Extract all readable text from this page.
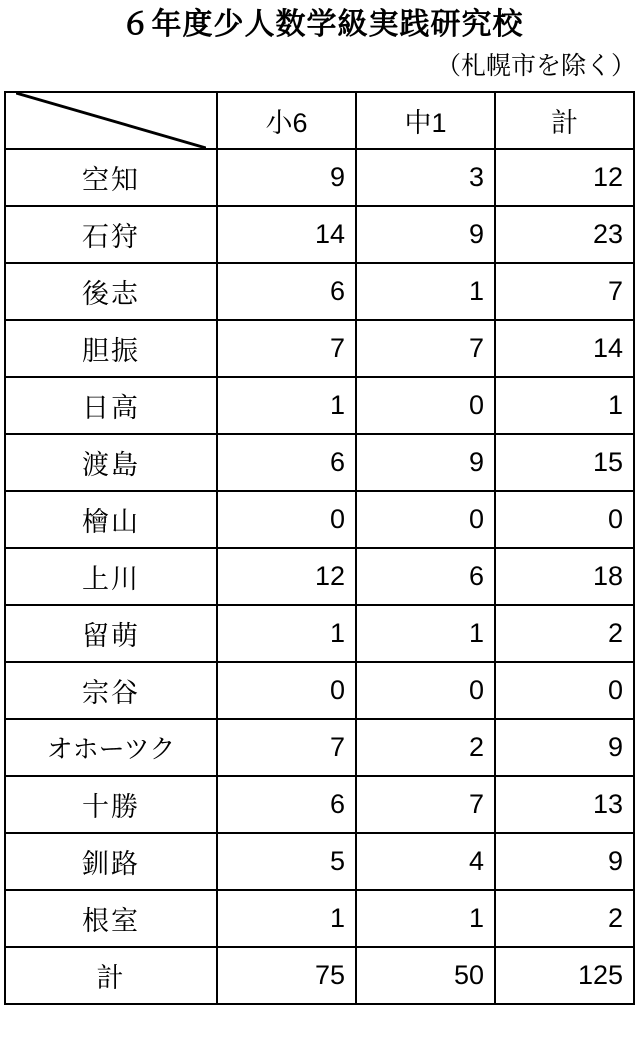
６年度少人数学級実践研究校
（札幌市を除く）
	小6	中1	計
空知	9	3	12
石狩	14	9	23
後志	6	1	7
胆振	7	7	14
日高	1	0	1
渡島	6	9	15
檜山	0	0	0
上川	12	6	18
留萌	1	1	2
宗谷	0	0	0
オホーツク	7	2	9
十勝	6	7	13
釧路	5	4	9
根室	1	1	2
計	75	50	125
